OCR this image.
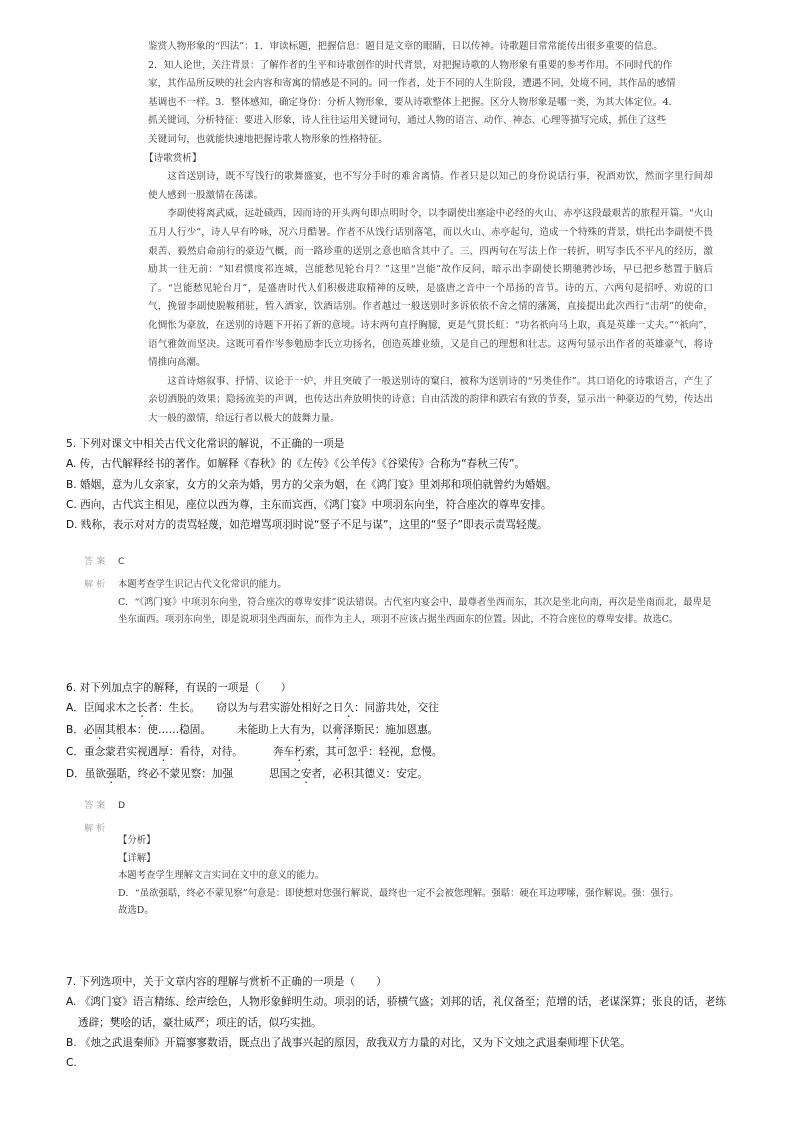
鉴赏人物形象的“四法”：1．审读标题，把握信息：题目是文章的眼睛，日以传神。诗歌题目常常能传出很多重要的信息。

2．知人论世，关注背景：了解作者的生平和诗歌创作的时代背景，对把握诗歌的人物形象有重要的参考作用。不同时代的作

家，其作品所反映的社会内容和寄寓的情感是不同的。同一作者，处于不同的人生阶段，遭遇不同，处境不同，其作品的感情

基调也不一样。3．整体感知，确定身份：分析人物形象，要从诗歌整体上把握。区分人物形象是哪一类，为其大体定位。4．

抓关键词，分析特征：要进入形象，诗人往往运用关键词句，通过人物的语言、动作、神态、心理等描写完成，抓住了这些

关键词句，也就能快速地把握诗歌人物形象的性格特征。

【诗歌赏析】

这首送别诗，既不写饯行的歌舞盛宴，也不写分手时的难舍离情。作者只是以知己的身份说话行事，祝酒劝饮，然而字里行间却使人感到一股激情在荡漾。

李副使将离武威，远赴碛西，因而诗的开头两句即点明时令，以李副使出塞途中必经的火山、赤亭这段最艰苦的旅程开篇。“火山五月人行少”，诗人早有吟咏，况六月酷暑。作者不从饯行话别落笔，而以火山、赤亭起句，造成一个特殊的背景，烘托出李副使不畏艰苦、毅然启命前行的豪迈气概，而一路珍重的送别之意也暗含其中了。三、四两句在写法上作一转折，明写李氏不平凡的经历，激励其一往无前：“知君惯度祁连城，岂能愁见轮台月？”这里“岂能”故作反问，暗示出李副使长期驰骋沙场，早已把乡愁置于脑后了。“岂能愁见轮台月”，是盛唐时代人们积极进取精神的反映，是盛唐之音中一个昂扬的音节。诗的五、六两句是招呼、劝说的口气，挽留李副使脱鞍稍驻，暂入酒家，饮酒话别。作者越过一般送别时多诉依依不舍之情的藩篱，直接提出此次西行“击胡”的使命，化惆怅为豪放，在送别的诗题下开拓了新的意境。诗末两句直抒胸臆，更是气贯长虹：“功名祇向马上取，真是英雄一丈夫。”“祇向”，语气雅敛而坚决。这既可看作岑参勉励李氏立功扬名，创造英雄业绩，又是自己的理想和壮志。这两句显示出作者的英雄豪气，将诗情推向高潮。

这首诗熔叙事、抒情、议论于一炉，并且突破了一般送别诗的窠臼，被称为送别诗的“另类佳作”。其口语化的诗歌语言，产生了亲切洒脱的效果；隐扬流美的声调，也传达出奔放明快的诗意；自由活泼的韵律和跌宕有致的节奏，显示出一种豪迈的气势，传达出大一般的激情，给远行者以极大的鼓舞力量。

5. 下列对课文中相关古代文化常识的解说，不正确的一项是

A. 传，古代解释经书的著作。如解释《春秋》的《左传》《公羊传》《谷梁传》合称为“春秋三传”。

B. 婚姻，意为儿女亲家，女方的父亲为婚，男方的父亲为姻，在《鸿门宴》里刘邦和项伯就曾约为婚姻。

C. 西向，古代宾主相见，座位以西为尊，主东而宾西，《鸿门宴》中项羽东向坐，符合座次的尊卑安排。

D. 贱称，表示对对方的责骂轻蔑，如范增骂项羽时说“竖子不足与谋”，这里的“竖子”即表示责骂轻蔑。

答案 C
解析 本题考查学生识记古代文化常识的能力。

C．“《鸿门宴》中项羽东向坐，符合座次的尊卑安排”说法错误。古代室内宴会中，最尊者坐西而东，其次是坐北向南，再次是坐南而北，最卑是坐东面西。项羽东向坐，即是说项羽坐西面东，而作为主人，项羽不应该占据坐西面东的位置。因此，不符合座位的尊卑安排。故选C。

6. 对下列加点字的解释，有误的一项是（　　）

A．臣闻求木之长者：生长。 窃以为与君实游处相好之日久：同游共处，交往

B．必固其根本：使……稳固。 未能助上大有为，以膏泽斯民：施加恩惠。

C．重念蒙君实视遇厚：看待，对待。	奔车朽索，其可忽乎：轻视，怠慢。

D．虽欲强聒，终必不蒙见察：加强	思国之安者，必积其德义：安定。

答案 D
解析

【分析】

【详解】

本题考查学生理解文言实词在文中的意义的能力。

D．“虽欲强聒，终必不蒙见察”句意是：即使想对您强行解说，最终也一定不会被您理解。强聒：硬在耳边啰嗦，强作解说。强：强行。

故选D。

7. 下列选项中，关于文章内容的理解与赏析不正确的一项是（　　）

A. 《鸿门宴》语言精练、绘声绘色，人物形象鲜明生动。项羽的话，骄横气盛；刘邦的话，礼仪备至；范增的话，老谋深算；张良的话，老练透辟；樊哙的话，豪壮威严；项庄的话，似巧实拙。

B. 《烛之武退秦师》开篇寥寥数语，既点出了战事兴起的原因，敌我双方力量的对比，又为下文烛之武退秦师埋下伏笔。

C.
